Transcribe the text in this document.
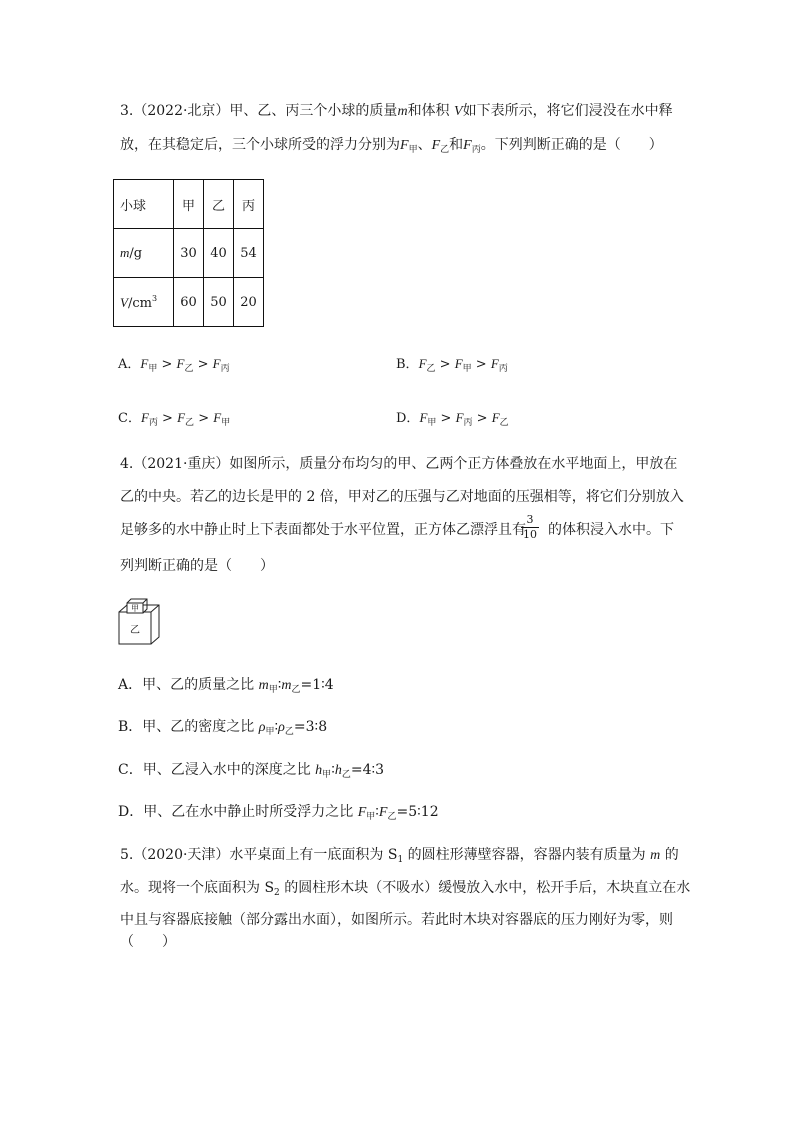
3.（2022·北京）甲、乙、丙三个小球的质量m和体积 V如下表所示，将它们浸没在水中释
放，在其稳定后，三个小球所受的浮力分别为$F_甲$、$F_乙$和$F_丙$。下列判断正确的是（　　）
小球	甲	乙	丙
m/g	30	40	54
$V/cm^3$	60	50	20
A．$F_甲 > F_乙 > F_丙$	B．$F_乙 > F_甲 > F_丙$
C．$F_丙 > F_乙 > F_甲$	D．$F_甲 > F_丙 > F_乙$
4.（2021·重庆）如图所示，质量分布均匀的甲、乙两个正方体叠放在水平地面上，甲放在
乙的中央。若乙的边长是甲的 2 倍，甲对乙的压强与乙对地面的压强相等，将它们分别放入
足够多的水中静止时上下表面都处于水平位置，正方体乙漂浮且有 的体积浸入水中。下
3
10
列判断正确的是（　　）
甲
乙
A．甲、乙的质量之比 $m_甲∶m_乙=1∶4$
B．甲、乙的密度之比 $\rho_甲∶\rho_乙=3∶8$
C．甲、乙浸入水中的深度之比 $h_甲∶h_乙=4∶3$
D．甲、乙在水中静止时所受浮力之比 $F_甲∶F_乙=5∶12$
5.（2020·天津）水平桌面上有一底面积为 $S_1$ 的圆柱形薄壁容器，容器内装有质量为 m 的
水。现将一个底面积为 $S_2$ 的圆柱形木块（不吸水）缓慢放入水中，松开手后，木块直立在水
中且与容器底接触（部分露出水面），如图所示。若此时木块对容器底的压力刚好为零，则
（　　）
